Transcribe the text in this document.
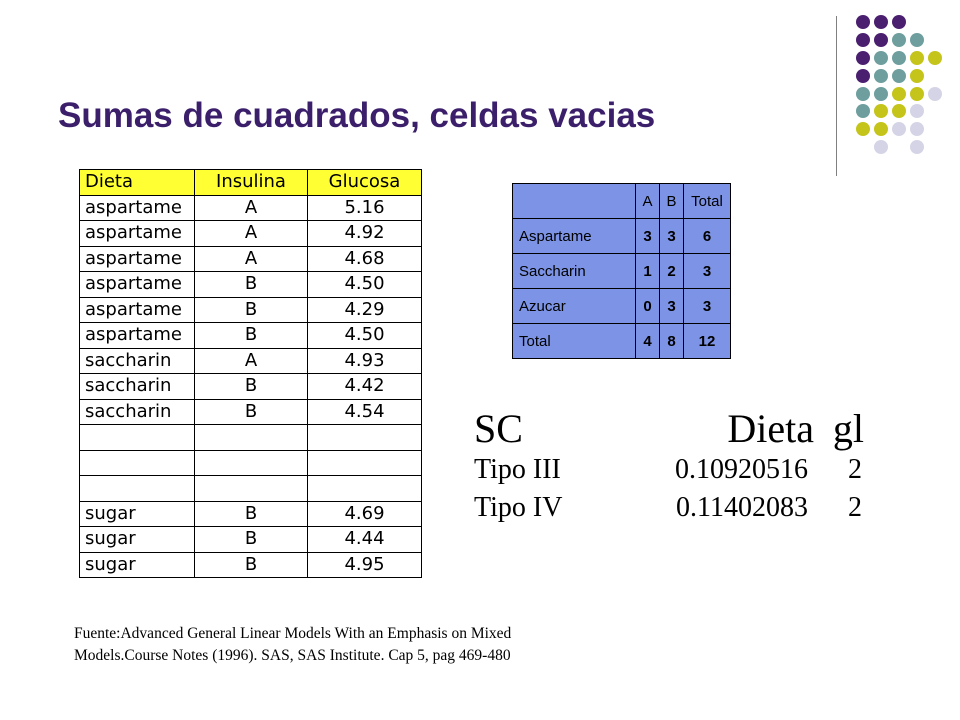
Sumas de cuadrados, celdas vacias
Dieta	Insulina	Glucosa
aspartame	A	5.16
aspartame	A	4.92
aspartame	A	4.68
aspartame	B	4.50
aspartame	B	4.29
aspartame	B	4.50
saccharin	A	4.93
saccharin	B	4.42
saccharin	B	4.54

sugar	B	4.69
sugar	B	4.44
sugar	B	4.95
	A	B	Total
Aspartame	3	3	6
Saccharin	1	2	3
Azucar	0	3	3
Total	4	8	12
SC	Dieta gl
Tipo III	0.10920516 2
Tipo IV	0.11402083 2
Fuente:Advanced General Linear Models With an Emphasis on Mixed Models.Course Notes (1996). SAS, SAS Institute. Cap 5, pag 469-480
